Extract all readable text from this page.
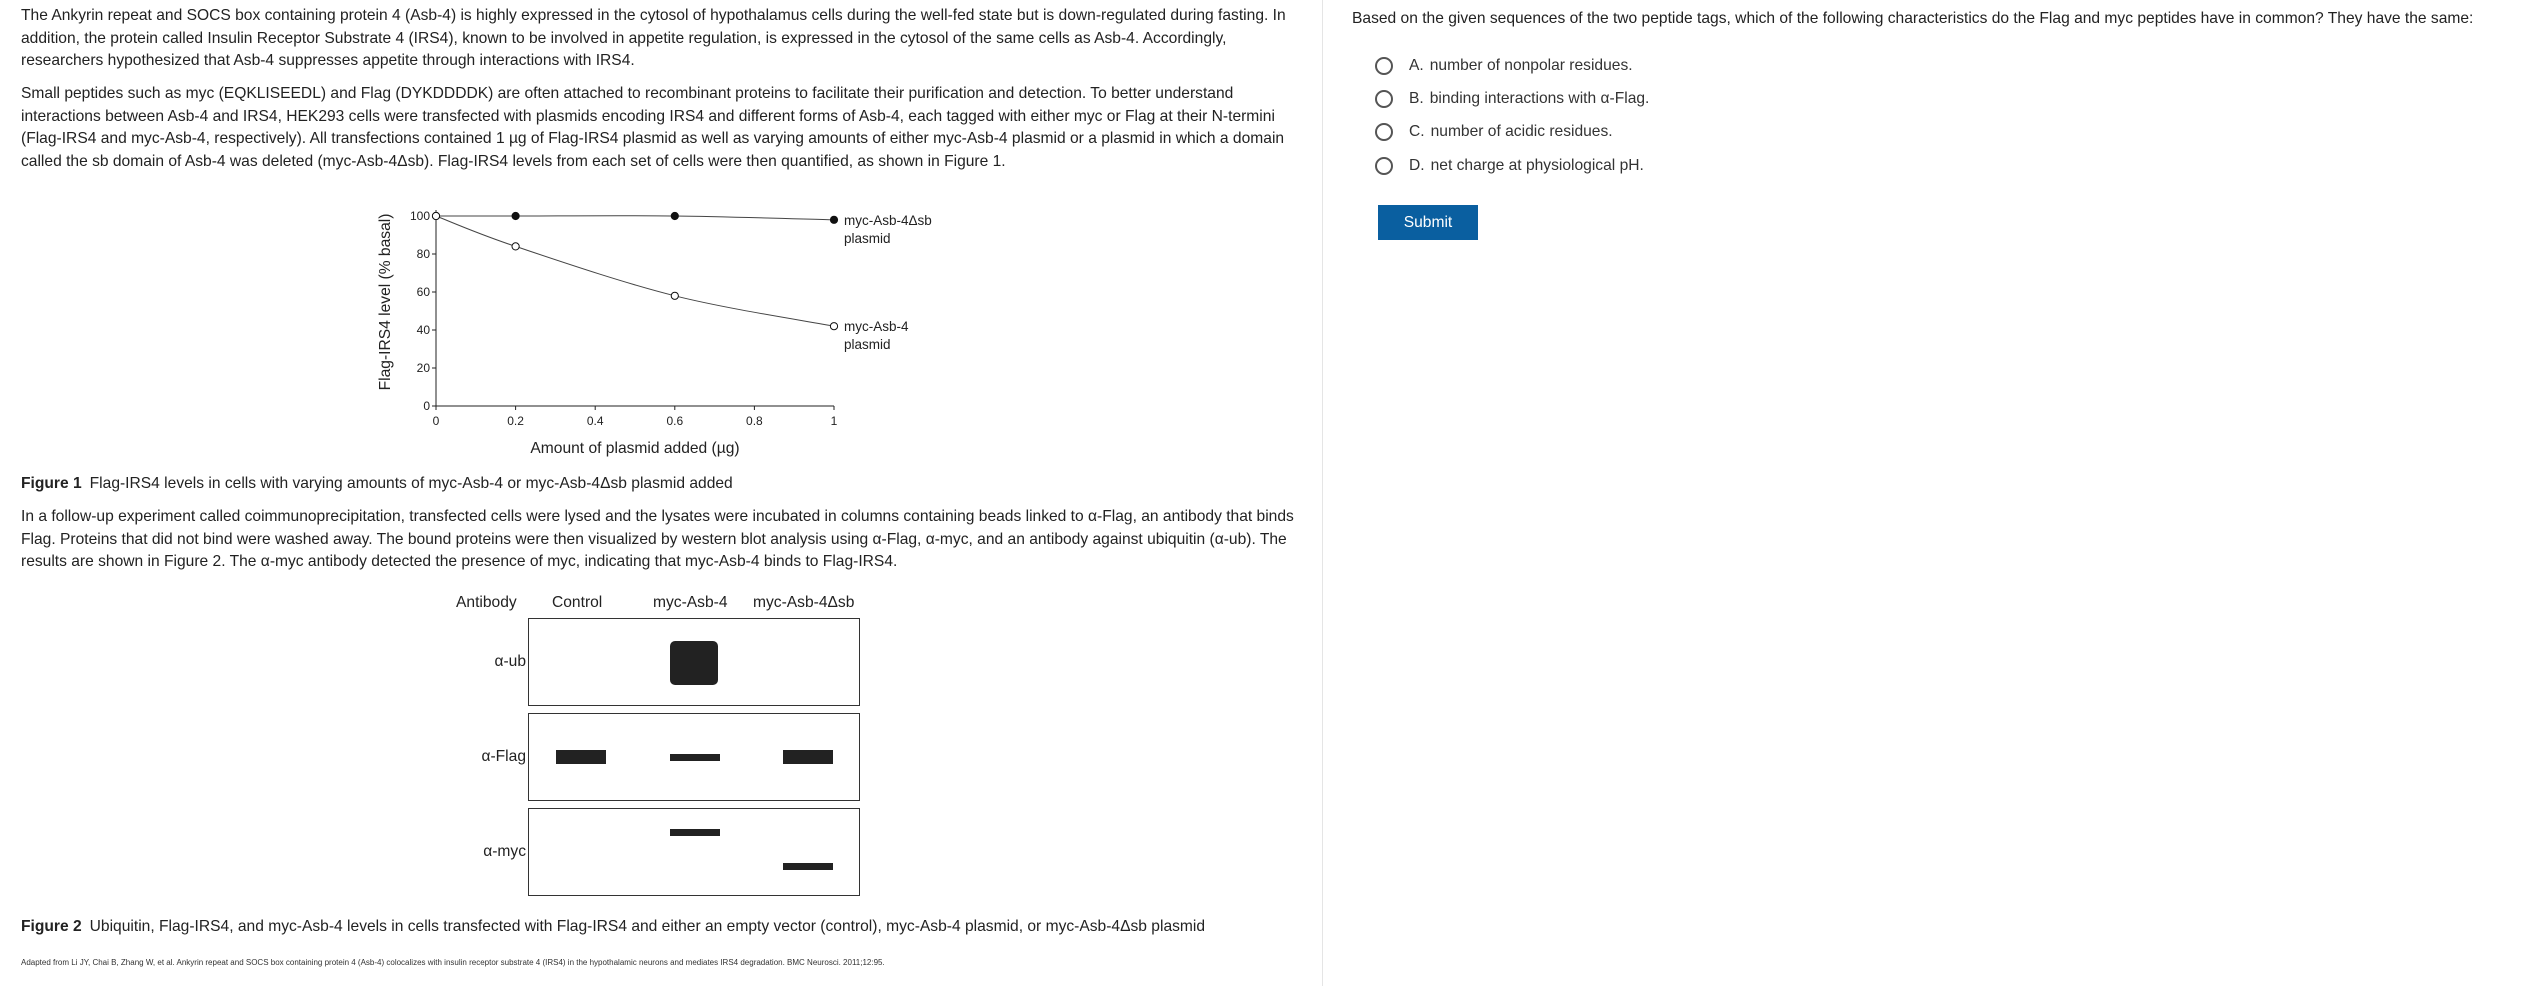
The Ankyrin repeat and SOCS box containing protein 4 (Asb-4) is highly expressed in the cytosol of hypothalamus cells during the well-fed state but is down-regulated during fasting. In addition, the protein called Insulin Receptor Substrate 4 (IRS4), known to be involved in appetite regulation, is expressed in the cytosol of the same cells as Asb-4. Accordingly, researchers hypothesized that Asb-4 suppresses appetite through interactions with IRS4.

Small peptides such as myc (EQKLISEEDL) and Flag (DYKDDDDK) are often attached to recombinant proteins to facilitate their purification and detection. To better understand interactions between Asb-4 and IRS4, HEK293 cells were transfected with plasmids encoding IRS4 and different forms of Asb-4, each tagged with either myc or Flag at their N-termini (Flag-IRS4 and myc-Asb-4, respectively). All transfections contained 1 µg of Flag-IRS4 plasmid as well as varying amounts of either myc-Asb-4 plasmid or a plasmid in which a domain called the sb domain of Asb-4 was deleted (myc-Asb-4Δsb). Flag-IRS4 levels from each set of cells were then quantified, as shown in Figure 1.

0	0.2	0.4	0.6	0.8	1
0
20
40
60
80
100	myc-Asb-4Δsb
plasmid
myc-Asb-4
plasmid
Amount of plasmid added (µg)
Flag-IRS4 level (% basal)
Figure 1 Flag-IRS4 levels in cells with varying amounts of myc-Asb-4 or myc-Asb-4Δsb plasmid added

In a follow-up experiment called coimmunoprecipitation, transfected cells were lysed and the lysates were incubated in columns containing beads linked to α-Flag, an antibody that binds Flag. Proteins that did not bind were washed away. The bound proteins were then visualized by western blot analysis using α-Flag, α-myc, and an antibody against ubiquitin (α-ub). The results are shown in Figure 2. The α-myc antibody detected the presence of myc, indicating that myc-Asb-4 binds to Flag-IRS4.

Antibody Control	myc-Asb-4 myc-Asb-4Δsb
α-ub
α-Flag
α-myc
Figure 2 Ubiquitin, Flag-IRS4, and myc-Asb-4 levels in cells transfected with Flag-IRS4 and either an empty vector (control), myc-Asb-4 plasmid, or myc-Asb-4Δsb plasmid
Adapted from Li JY, Chai B, Zhang W, et al. Ankyrin repeat and SOCS box containing protein 4 (Asb-4) colocalizes with insulin receptor substrate 4 (IRS4) in the hypothalamic neurons and mediates IRS4 degradation. BMC Neurosci. 2011;12:95.
Based on the given sequences of the two peptide tags, which of the following characteristics do the Flag and myc peptides have in common? They have the same:
A. number of nonpolar residues.
B. binding interactions with α-Flag.
C. number of acidic residues.
D. net charge at physiological pH.
Submit
